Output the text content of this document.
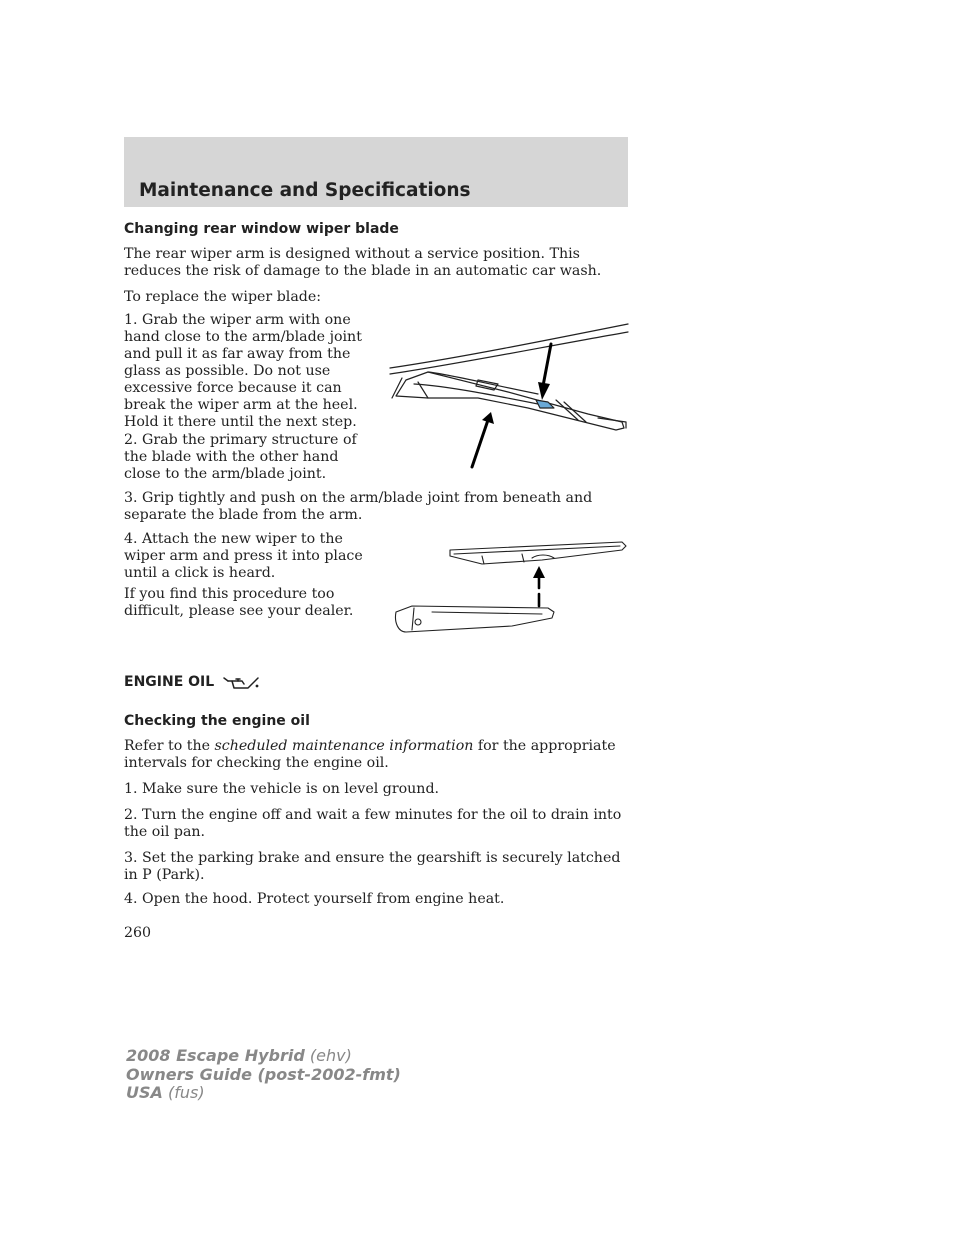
Maintenance and Specifications
Changing rear window wiper blade

The rear wiper arm is designed without a service position. This reduces the risk of damage to the blade in an automatic car wash.

To replace the wiper blade:

1. Grab the wiper arm with one hand close to the arm/blade joint and pull it as far away from the glass as possible. Do not use excessive force because it can break the wiper arm at the heel. Hold it there until the next step.

2. Grab the primary structure of the blade with the other hand close to the arm/blade joint.

3. Grip tightly and push on the arm/blade joint from beneath and separate the blade from the arm.

4. Attach the new wiper to the wiper arm and press it into place until a click is heard.

If you find this procedure too difficult, please see your dealer.

ENGINE OIL
Checking the engine oil

Refer to the scheduled maintenance information for the appropriate intervals for checking the engine oil.

1. Make sure the vehicle is on level ground.

2. Turn the engine off and wait a few minutes for the oil to drain into the oil pan.

3. Set the parking brake and ensure the gearshift is securely latched in P (Park).

4. Open the hood. Protect yourself from engine heat.

260

2008 Escape Hybrid (ehv)
Owners Guide (post-2002-fmt)
USA (fus)
